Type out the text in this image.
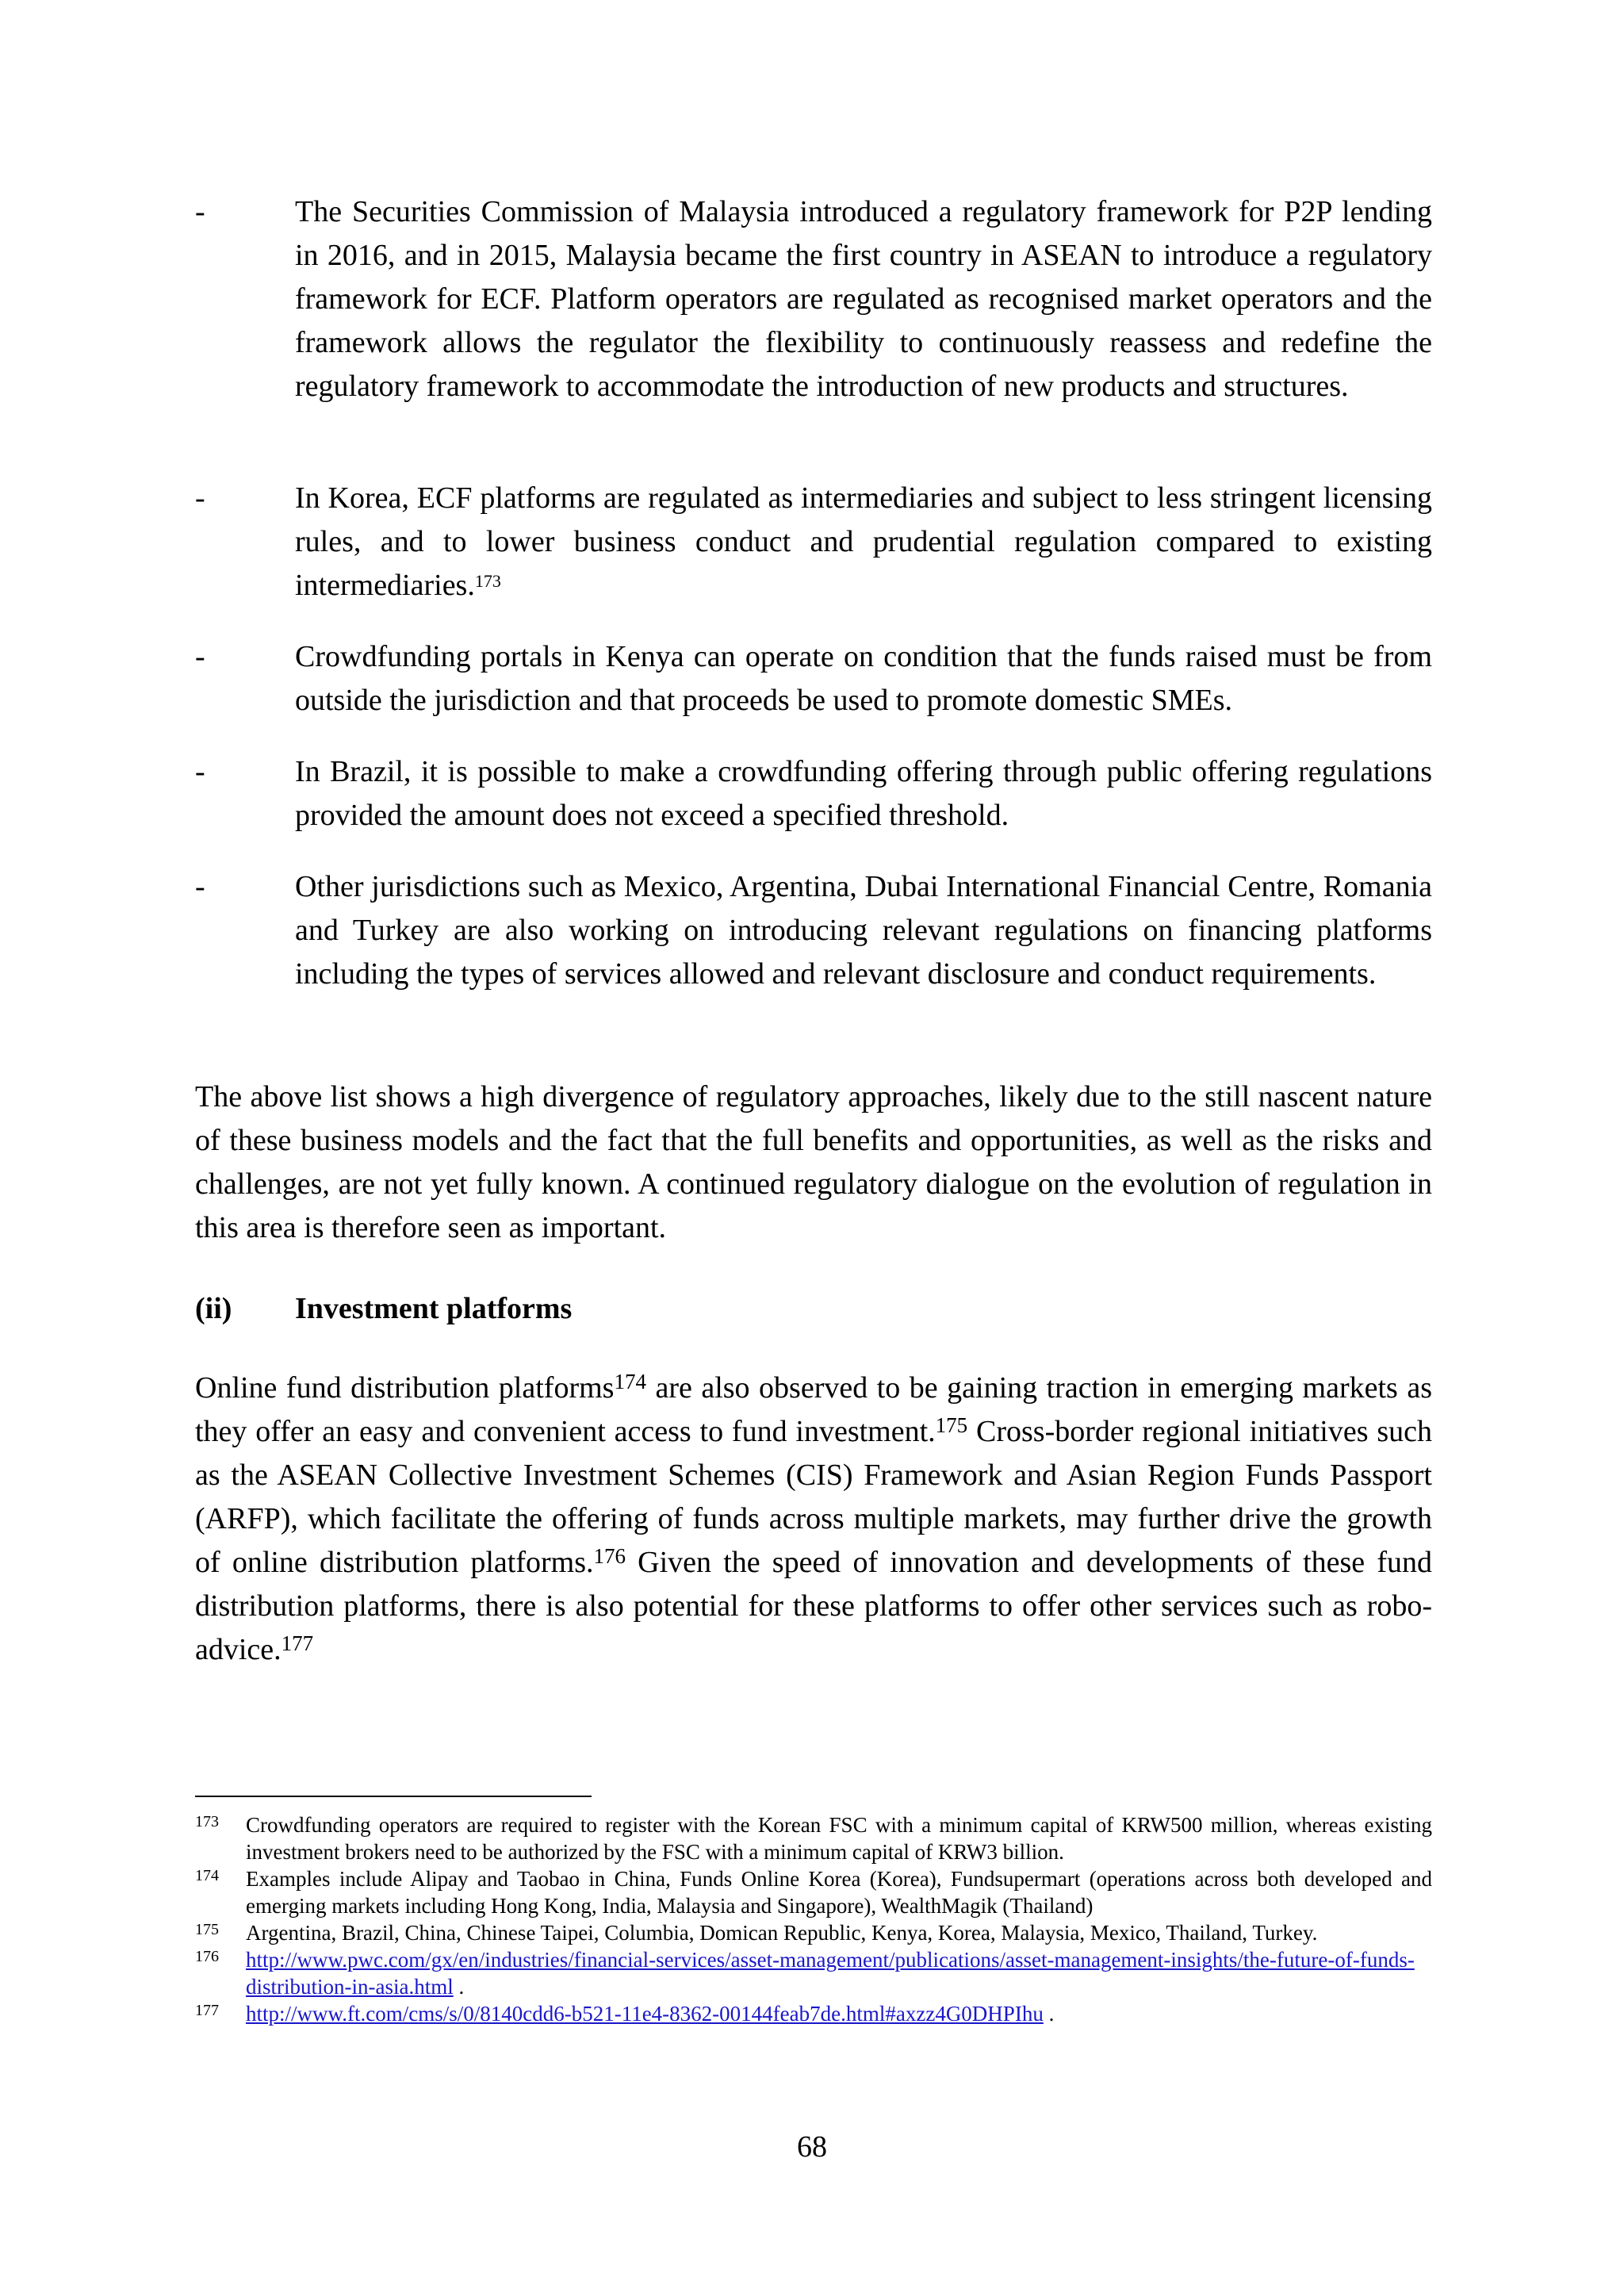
-	The Securities Commission of Malaysia introduced a regulatory framework for P2P lending in 2016, and in 2015, Malaysia became the first country in ASEAN to introduce a regulatory framework for ECF. Platform operators are regulated as recognised market operators and the framework allows the regulator the flexibility to continuously reassess and redefine the regulatory framework to accommodate the introduction of new products and structures.
-	In Korea, ECF platforms are regulated as intermediaries and subject to less stringent licensing rules, and to lower business conduct and prudential regulation compared to existing intermediaries.$^{173}$
-	Crowdfunding portals in Kenya can operate on condition that the funds raised must be from outside the jurisdiction and that proceeds be used to promote domestic SMEs.
-	In Brazil, it is possible to make a crowdfunding offering through public offering regulations provided the amount does not exceed a specified threshold.
-	Other jurisdictions such as Mexico, Argentina, Dubai International Financial Centre, Romania and Turkey are also working on introducing relevant regulations on financing platforms including the types of services allowed and relevant disclosure and conduct requirements.
The above list shows a high divergence of regulatory approaches, likely due to the still nascent nature of these business models and the fact that the full benefits and opportunities, as well as the risks and challenges, are not yet fully known. A continued regulatory dialogue on the evolution of regulation in this area is therefore seen as important.
(ii) Investment platforms
Online fund distribution platforms$^{174}$ are also observed to be gaining traction in emerging markets as they offer an easy and convenient access to fund investment.$^{175}$ Cross-border regional initiatives such as the ASEAN Collective Investment Schemes (CIS) Framework and Asian Region Funds Passport (ARFP), which facilitate the offering of funds across multiple markets, may further drive the growth of online distribution platforms.$^{176}$ Given the speed of innovation and developments of these fund distribution platforms, there is also potential for these platforms to offer other services such as robo-advice.$^{177}$
173 Crowdfunding operators are required to register with the Korean FSC with a minimum capital of KRW500 million, whereas existing investment brokers need to be authorized by the FSC with a minimum capital of KRW3 billion.
174 Examples include Alipay and Taobao in China, Funds Online Korea (Korea), Fundsupermart (operations across both developed and emerging markets including Hong Kong, India, Malaysia and Singapore), WealthMagik (Thailand)
175 Argentina, Brazil, China, Chinese Taipei, Columbia, Domican Republic, Kenya, Korea, Malaysia, Mexico, Thailand, Turkey.
176 http://www.pwc.com/gx/en/industries/financial-services/asset-management/publications/asset-management-insights/the-future-of-funds-distribution-in-asia.html .
177 http://www.ft.com/cms/s/0/8140cdd6-b521-11e4-8362-00144feab7de.html#axzz4G0DHPIhu .
68
